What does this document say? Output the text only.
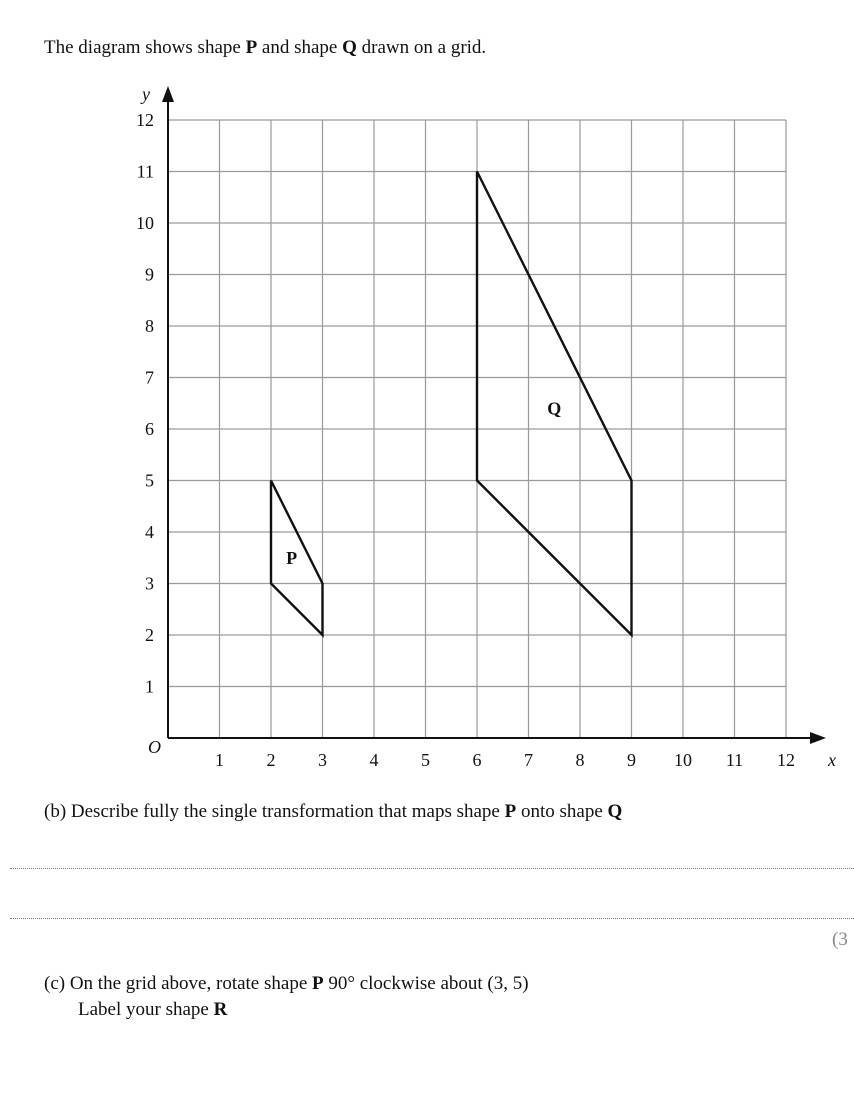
The diagram shows shape P and shape Q drawn on a grid.
x
y
O
1 2 3 4 5 6 7 8 9 10 11 12
1
2
3
4
5
6
7
8
9
10
11
12
P
Q
(b) Describe fully the single transformation that maps shape P onto shape Q
(3
(c) On the grid above, rotate shape P 90° clockwise about (3, 5)
Label your shape R
